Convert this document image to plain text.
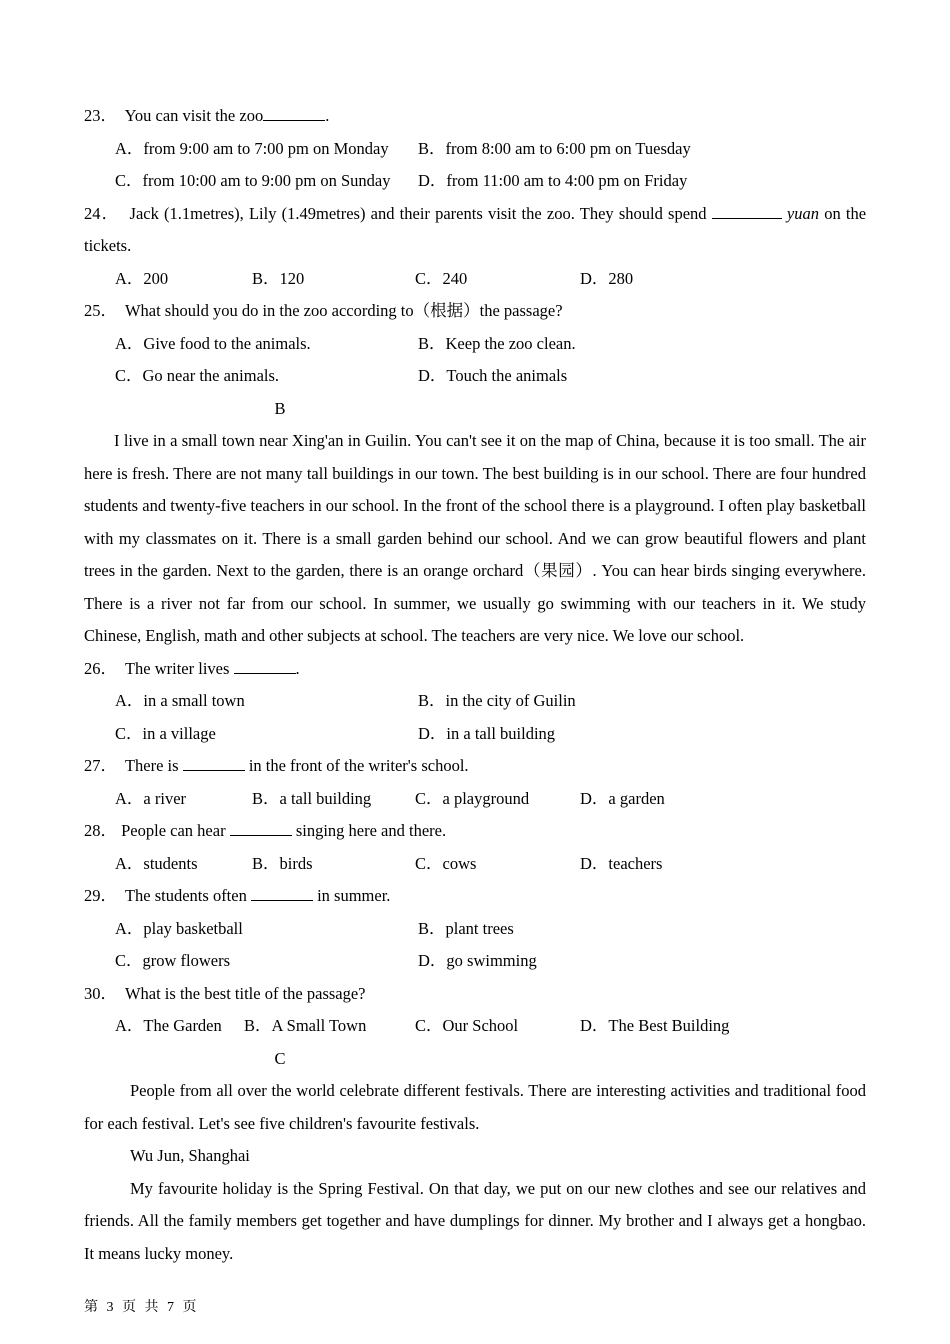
23． You can visit the zoo	.

A．from 9:00 am to 7:00 pm on Monday B．from 8:00 am to 6:00 pm on Tuesday
C．from 10:00 am to 9:00 pm on Sunday D．from 11:00 am to 4:00 pm on Friday

24． Jack (1.1metres), Lily (1.49metres) and their parents visit the zoo. They should spend	yuan on the tickets.

A．200	B．120	C．240	D．280

25． What should you do in the zoo according to（根据）the passage?

A．Give food to the animals.	B．Keep the zoo clean.
C．Go near the animals.	D．Touch the animals

B

I live in a small town near Xing'an in Guilin. You can't see it on the map of China, because it is too small. The air here is fresh. There are not many tall buildings in our town. The best building is in our school. There are four hundred students and twenty-five teachers in our school. In the front of the school there is a playground. I often play basketball with my classmates on it. There is a small garden behind our school. And we can grow beautiful flowers and plant trees in the garden. Next to the garden, there is an orange orchard（果园）. You can hear birds singing everywhere. There is a river not far from our school. In summer, we usually go swimming with our teachers in it. We study Chinese, English, math and other subjects at school. The teachers are very nice. We love our school.

26． The writer lives	.

A．in a small town	B．in the city of Guilin
C．in a village	D．in a tall building

27． There is	in the front of the writer's school.

A．a river	B．a tall building	C．a playground	D．a garden

28． People can hear	singing here and there.

A．students	B．birds	C．cows	D．teachers

29． The students often	in summer.

A．play basketball	B．plant trees
C．grow flowers	D．go swimming

30． What is the best title of the passage?

A．The Garden B．A Small Town	C．Our School	D．The Best Building

C

People from all over the world celebrate different festivals. There are interesting activities and traditional food for each festival. Let's see five children's favourite festivals.

Wu Jun, Shanghai

My favourite holiday is the Spring Festival. On that day, we put on our new clothes and see our relatives and friends. All the family members get together and have dumplings for dinner. My brother and I always get a hongbao. It means lucky money.

第 3 页 共 7 页
